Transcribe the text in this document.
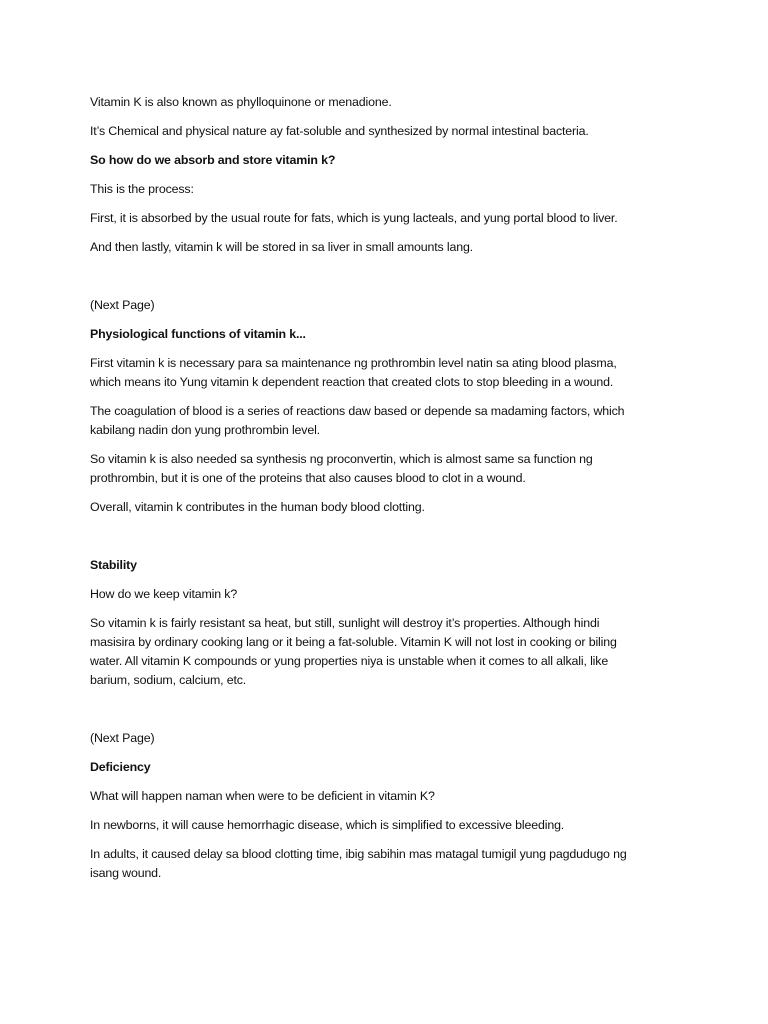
Vitamin K is also known as phylloquinone or menadione.
It’s Chemical and physical nature ay fat-soluble and synthesized by normal intestinal bacteria.
So how do we absorb and store vitamin k?
This is the process:
First, it is absorbed by the usual route for fats, which is yung lacteals, and yung portal blood to liver.
And then lastly, vitamin k will be stored in sa liver in small amounts lang.
(Next Page)
Physiological functions of vitamin k...
First vitamin k is necessary para sa maintenance ng prothrombin level natin sa ating blood plasma,
which means ito Yung vitamin k dependent reaction that created clots to stop bleeding in a wound.
The coagulation of blood is a series of reactions daw based or depende sa madaming factors, which
kabilang nadin don yung prothrombin level.
So vitamin k is also needed sa synthesis ng proconvertin, which is almost same sa function ng
prothrombin, but it is one of the proteins that also causes blood to clot in a wound.
Overall, vitamin k contributes in the human body blood clotting.
Stability
How do we keep vitamin k?
So vitamin k is fairly resistant sa heat, but still, sunlight will destroy it’s properties. Although hindi
masisira by ordinary cooking lang or it being a fat-soluble. Vitamin K will not lost in cooking or biling
water. All vitamin K compounds or yung properties niya is unstable when it comes to all alkali, like
barium, sodium, calcium, etc.
(Next Page)
Deficiency
What will happen naman when were to be deficient in vitamin K?
In newborns, it will cause hemorrhagic disease, which is simplified to excessive bleeding.
In adults, it caused delay sa blood clotting time, ibig sabihin mas matagal tumigil yung pagdudugo ng
isang wound.
